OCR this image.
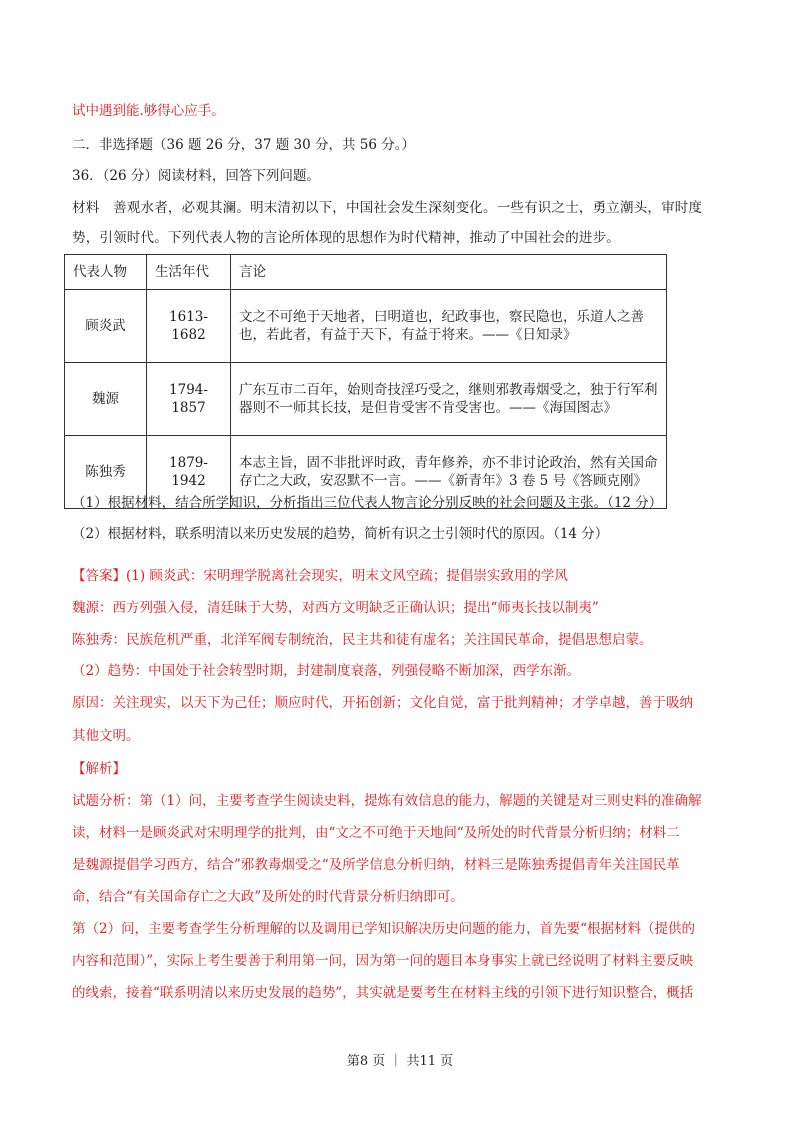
试中遇到能.够得心应手。
二．非选择题（36 题 26 分，37 题 30 分，共 56 分。）
36．（26 分）阅读材料，回答下列问题。
材料　善观水者，必观其澜。明末清初以下，中国社会发生深刻变化。一些有识之士，勇立潮头，审时度
势，引领时代。下列代表人物的言论所体现的思想作为时代精神，推动了中国社会的进步。
代表人物	生活年代	言论
顾炎武	1613-1682	文之不可绝于天地者，曰明道也，纪政事也，察民隐也，乐道人之善也，若此者，有益于天下，有益于将来。——《日知录》
魏源	1794-1857	广东互市二百年，始则奇技淫巧受之，继则邪教毒烟受之，独于行军利器则不一师其长技，是但肯受害不肯受害也。——《海国图志》
陈独秀	1879-1942	本志主旨，固不非批评时政，青年修养，亦不非讨论政治，然有关国命存亡之大政，安忍默不一言。——《新青年》3 卷 5 号《答顾克刚》
（1）根据材料，结合所学知识，分析指出三位代表人物言论分别反映的社会问题及主张。（12 分）
（2）根据材料，联系明清以来历史发展的趋势，简析有识之士引领时代的原因。（14 分）
【答案】(1) 顾炎武：宋明理学脱离社会现实，明末文风空疏；提倡崇实致用的学风
魏源：西方列强入侵，清廷昧于大势，对西方文明缺乏正确认识；提出“师夷长技以制夷”
陈独秀：民族危机严重，北洋军阀专制统治，民主共和徒有虚名；关注国民革命，提倡思想启蒙。
（2）趋势：中国处于社会转型时期，封建制度衰落，列强侵略不断加深，西学东渐。
原因：关注现实，以天下为己任；顺应时代，开拓创新；文化自觉，富于批判精神；才学卓越，善于吸纳
其他文明。
【解析】
试题分析：第（1）问，主要考查学生阅读史料，提炼有效信息的能力，解题的关键是对三则史料的准确解
读，材料一是顾炎武对宋明理学的批判，由“文之不可绝于天地间“及所处的时代背景分析归纳；材料二
是魏源提倡学习西方，结合”邪教毒烟受之“及所学信息分析归纳，材料三是陈独秀提倡青年关注国民革
命，结合“有关国命存亡之大政”及所处的时代背景分析归纳即可。
第（2）问，主要考查学生分析理解的以及调用已学知识解决历史问题的能力，首先要“根据材料（提供的
内容和范围）”，实际上考生要善于利用第一问，因为第一问的题目本身事实上就已经说明了材料主要反映
的线索，接着“联系明清以来历史发展的趋势”，其实就是要考生在材料主线的引领下进行知识整合，概括
第8 页 ｜ 共11 页
